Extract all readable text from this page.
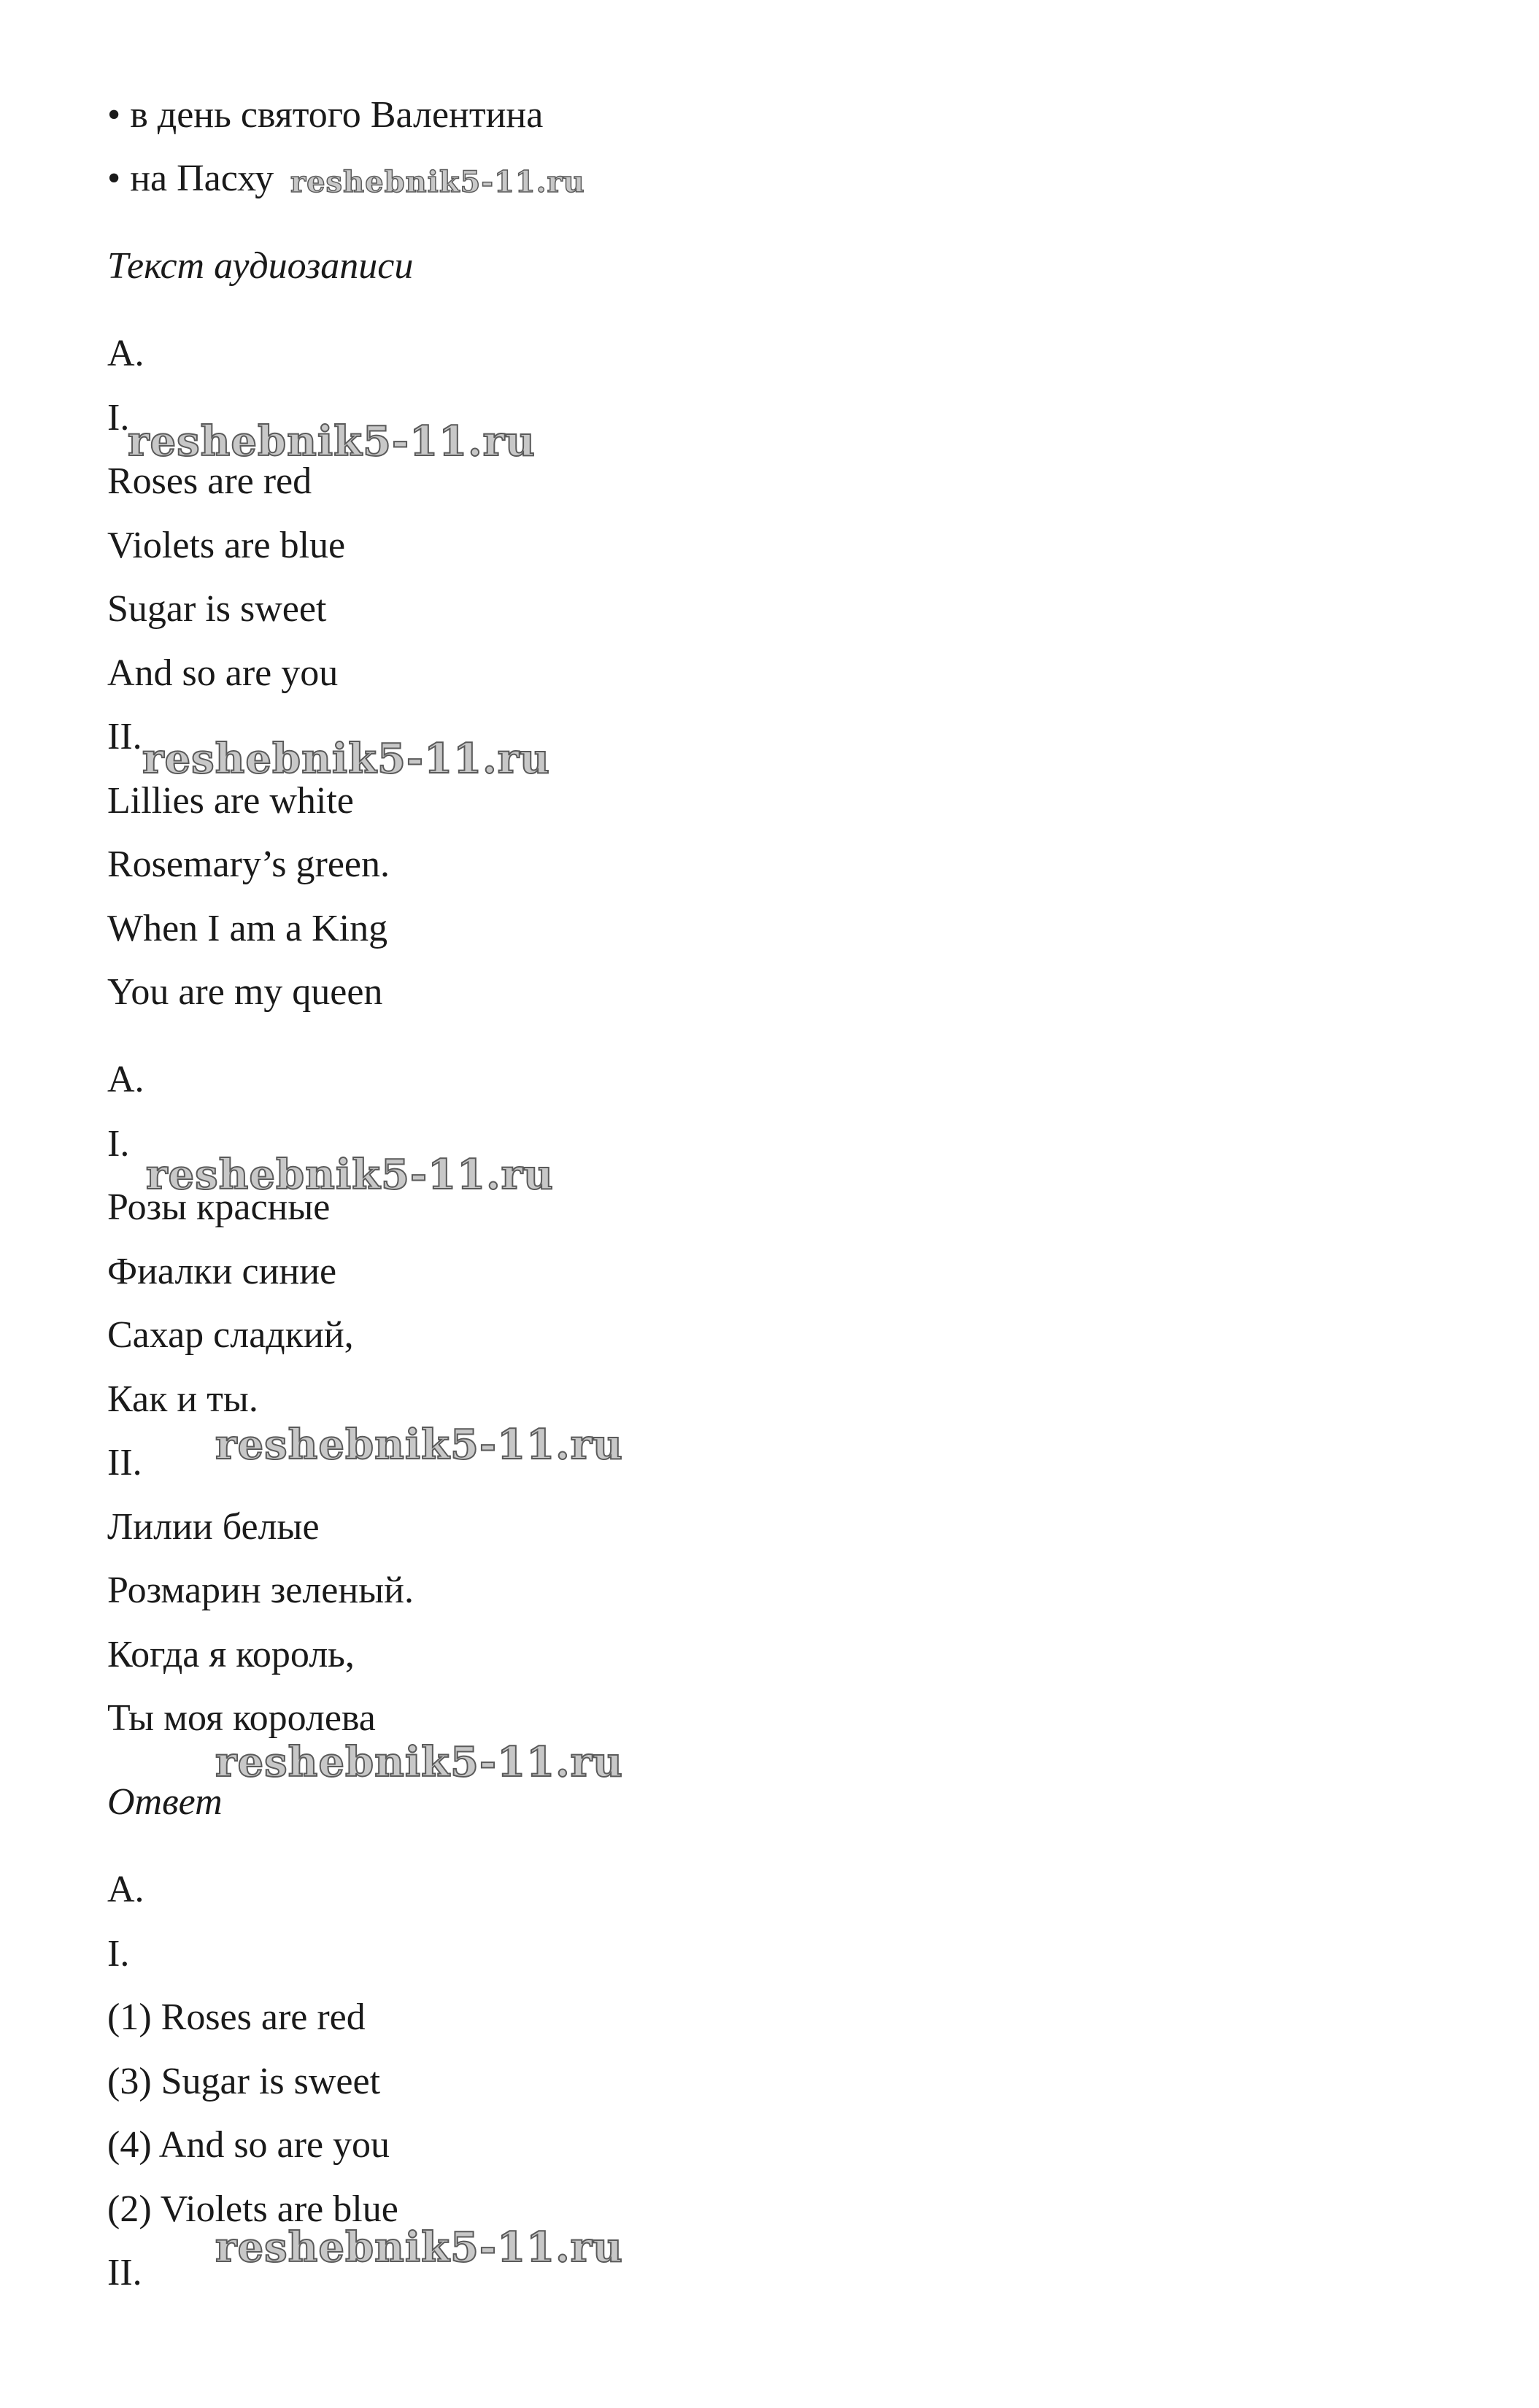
• в день святого Валентина
• на Пасху reshebnik5-11.ru
Текст аудиозаписи
A.
I.
reshebnik5-11.ru
Roses are red
Violets are blue
Sugar is sweet
And so are you
II. reshebnik5-11.ru
Lillies are white
Rosemary’s green.
When I am a King
You are my queen
A.
I.
reshebnik5-11.ru
Розы красные
Фиалки синие
Сахар сладкий,
Как и ты.
reshebnik5-11.ru
II.
Лилии белые
Розмарин зеленый.
Когда я король,
Ты моя королева
reshebnik5-11.ru
Ответ
A.
I.
(1) Roses are red
(3) Sugar is sweet
(4) And so are you
(2) Violets are blue
reshebnik5-11.ru
II.
